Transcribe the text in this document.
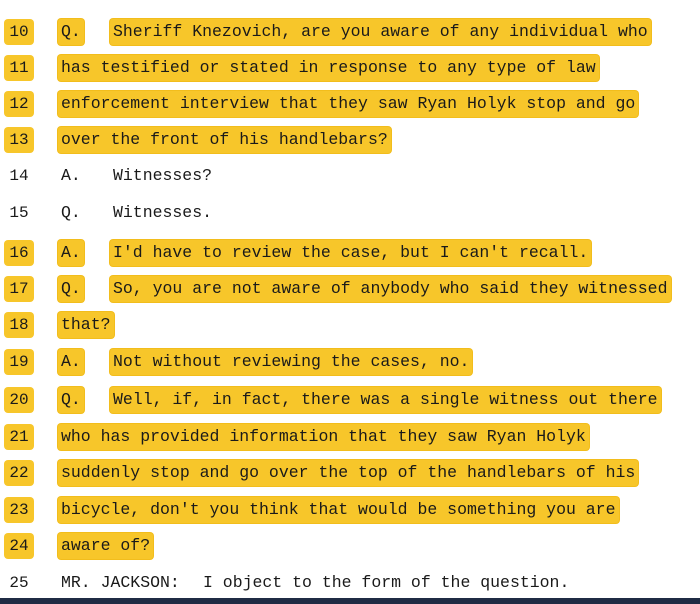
10	Q. Sheriff Knezovich, are you aware of any individual who
11	has testified or stated in response to any type of law
12	enforcement interview that they saw Ryan Holyk stop and go
13	over the front of his handlebars?
14	A. Witnesses?
15	Q. Witnesses.
16	A. I'd have to review the case, but I can't recall.
17	Q. So, you are not aware of anybody who said they witnessed
18	that?
19	A. Not without reviewing the cases, no.
20	Q. Well, if, in fact, there was a single witness out there
21	who has provided information that they saw Ryan Holyk
22	suddenly stop and go over the top of the handlebars of his
23	bicycle, don't you think that would be something you are
24	aware of?
25	MR. JACKSON: I object to the form of the question.
